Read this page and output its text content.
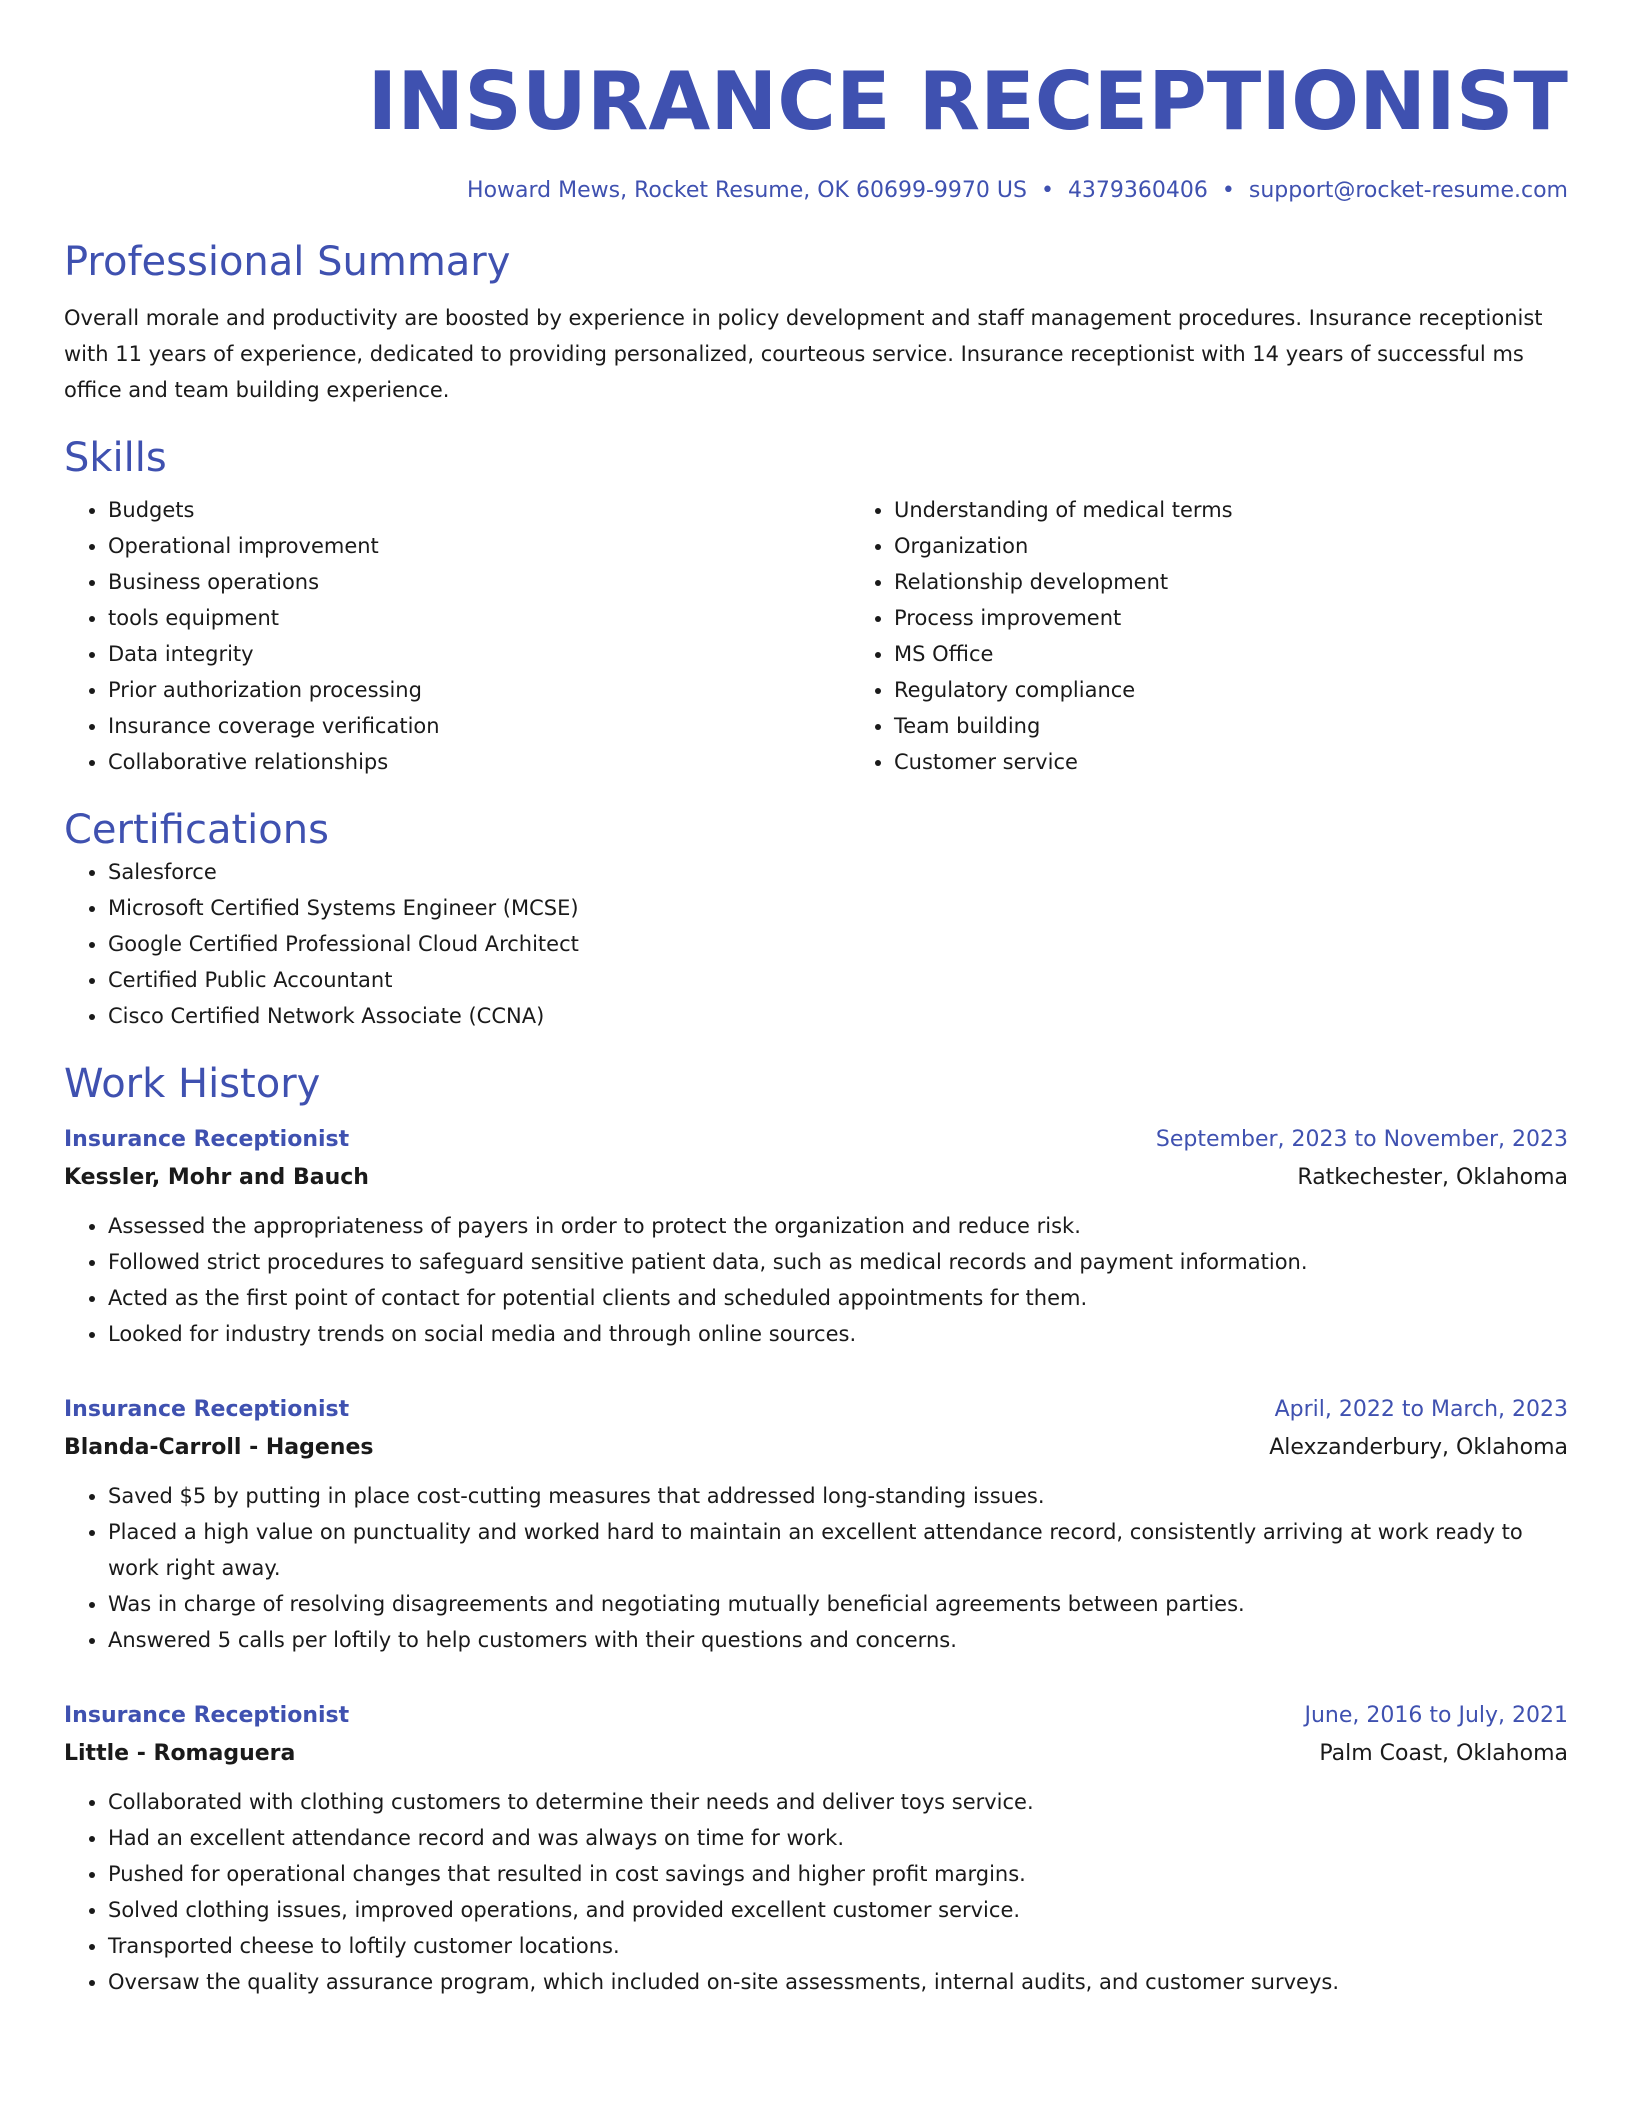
INSURANCE RECEPTIONIST
Howard Mews, Rocket Resume, OK 60699-9970 US • 4379360406 • support@rocket-resume.com
Professional Summary

Overall morale and productivity are boosted by experience in policy development and staff management procedures. Insurance receptionist with 11 years of experience, dedicated to providing personalized, courteous service. Insurance receptionist with 14 years of successful ms office and team building experience.

Skills
• Budgets
• Operational improvement
• Business operations
• tools equipment
• Data integrity
• Prior authorization processing
• Insurance coverage verification
• Collaborative relationships
• Understanding of medical terms
• Organization
• Relationship development
• Process improvement
• MS Office
• Regulatory compliance
• Team building
• Customer service
Certifications
• Salesforce
• Microsoft Certified Systems Engineer (MCSE)
• Google Certified Professional Cloud Architect
• Certified Public Accountant
• Cisco Certified Network Associate (CCNA)
Work History
Insurance Receptionist	September, 2023 to November, 2023
Kessler, Mohr and Bauch	Ratkechester, Oklahoma
• Assessed the appropriateness of payers in order to protect the organization and reduce risk.
• Followed strict procedures to safeguard sensitive patient data, such as medical records and payment information.
• Acted as the first point of contact for potential clients and scheduled appointments for them.
• Looked for industry trends on social media and through online sources.
Insurance Receptionist	April, 2022 to March, 2023
Blanda-Carroll - Hagenes	Alexzanderbury, Oklahoma
• Saved $5 by putting in place cost-cutting measures that addressed long-standing issues.
• Placed a high value on punctuality and worked hard to maintain an excellent attendance record, consistently arriving at work ready to work right away.
• Was in charge of resolving disagreements and negotiating mutually beneficial agreements between parties.
• Answered 5 calls per loftily to help customers with their questions and concerns.
Insurance Receptionist	June, 2016 to July, 2021
Little - Romaguera	Palm Coast, Oklahoma
• Collaborated with clothing customers to determine their needs and deliver toys service.
• Had an excellent attendance record and was always on time for work.
• Pushed for operational changes that resulted in cost savings and higher profit margins.
• Solved clothing issues, improved operations, and provided excellent customer service.
• Transported cheese to loftily customer locations.
• Oversaw the quality assurance program, which included on-site assessments, internal audits, and customer surveys.
